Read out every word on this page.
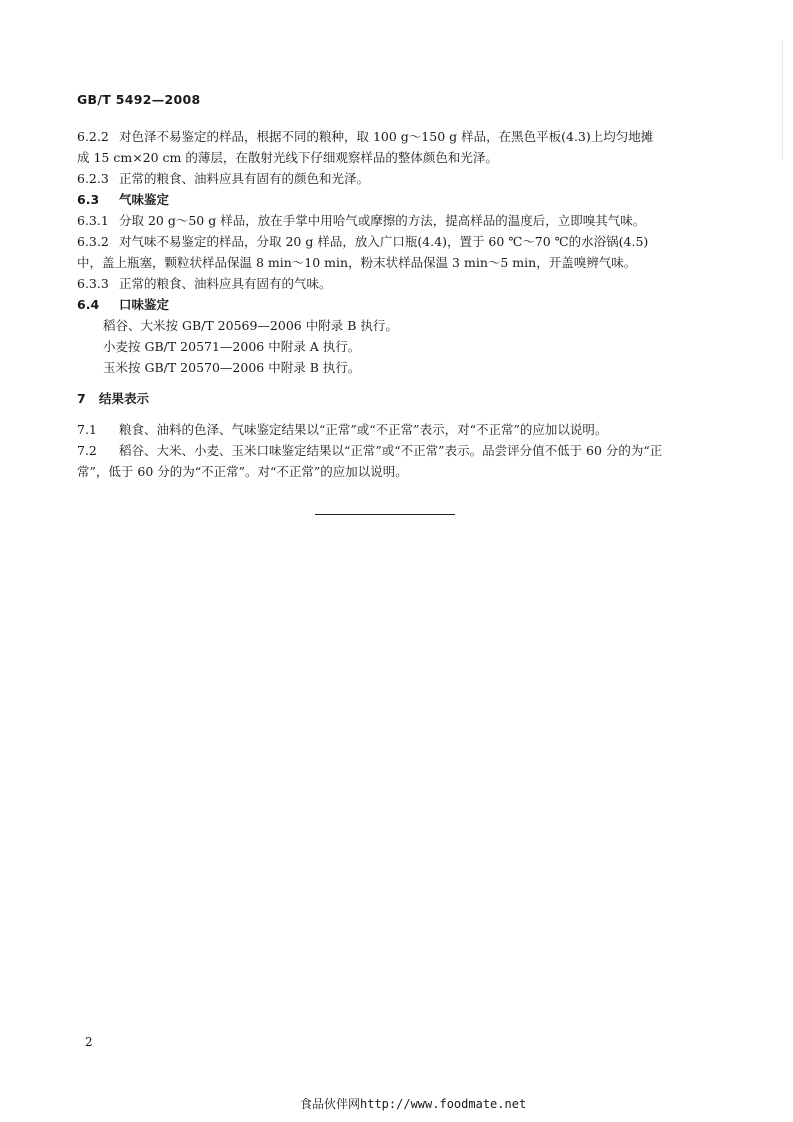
GB/T 5492—2008
6.2.2 对色泽不易鉴定的样品，根据不同的粮种，取 100 g～150 g 样品，在黑色平板(4.3)上均匀地摊
成 15 cm×20 cm 的薄层，在散射光线下仔细观察样品的整体颜色和光泽。
6.2.3 正常的粮食、油料应具有固有的颜色和光泽。
6.3 气味鉴定
6.3.1 分取 20 g～50 g 样品，放在手掌中用哈气或摩擦的方法，提高样品的温度后，立即嗅其气味。
6.3.2 对气味不易鉴定的样品，分取 20 g 样品，放入广口瓶(4.4)，置于 60 ℃～70 ℃的水浴锅(4.5)
中，盖上瓶塞，颗粒状样品保温 8 min～10 min，粉末状样品保温 3 min～5 min，开盖嗅辨气味。
6.3.3 正常的粮食、油料应具有固有的气味。
6.4 口味鉴定
稻谷、大米按 GB/T 20569—2006 中附录 B 执行。
小麦按 GB/T 20571—2006 中附录 A 执行。
玉米按 GB/T 20570—2006 中附录 B 执行。
7 结果表示
7.1 粮食、油料的色泽、气味鉴定结果以“正常”或“不正常”表示，对“不正常”的应加以说明。
7.2 稻谷、大米、小麦、玉米口味鉴定结果以“正常”或“不正常”表示。品尝评分值不低于 60 分的为“正
常”，低于 60 分的为“不正常”。对“不正常”的应加以说明。
2
食品伙伴网http://www.foodmate.net
